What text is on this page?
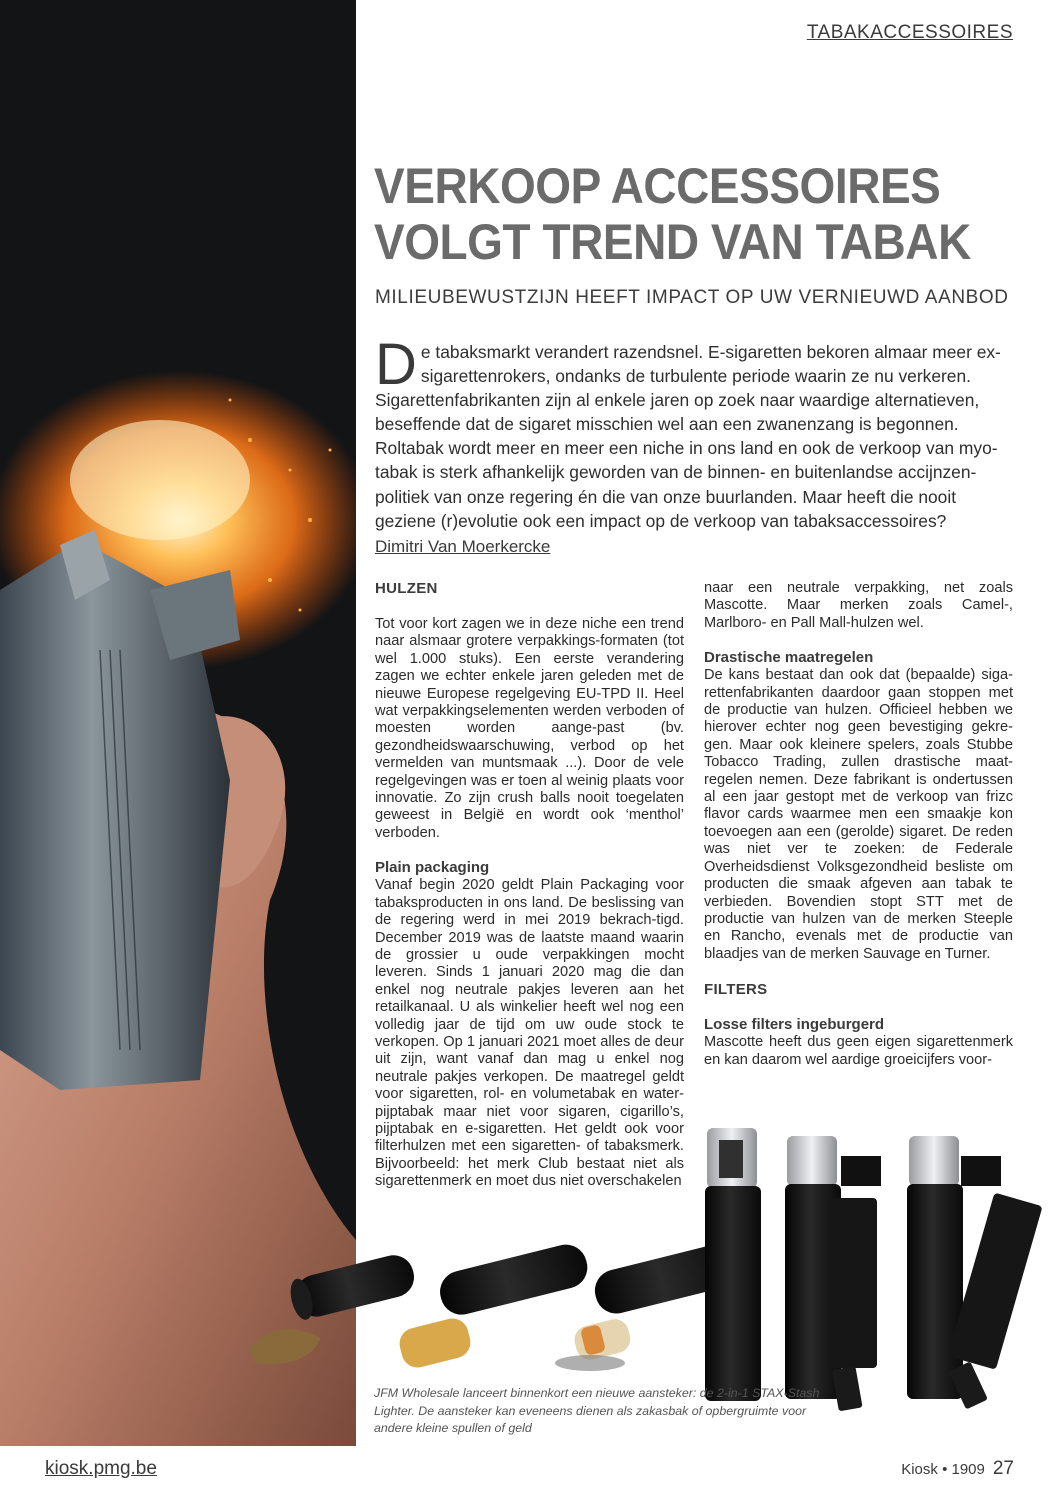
TABAKACCESSOIRES
VERKOOP ACCESSOIRES
VOLGT TREND VAN TABAK
MILIEUBEWUSTZIJN HEEFT IMPACT OP UW VERNIEUWD AANBOD
D e tabaksmarkt verandert razendsnel. E-sigaretten bekoren almaar meer ex-sigarettenrokers, ondanks de turbulente periode waarin ze nu verkeren. Sigarettenfabrikanten zijn al enkele jaren op zoek naar waardige alternatieven, beseffende dat de sigaret misschien wel aan een zwanenzang is begonnen. Roltabak wordt meer en meer een niche in ons land en ook de verkoop van myo-tabak is sterk afhankelijk geworden van de binnen- en buitenlandse accijnzen-politiek van onze regering én die van onze buurlanden. Maar heeft die nooit geziene (r)evolutie ook een impact op de verkoop van tabaksaccessoires?
Dimitri Van Moerkercke
HULZEN

Tot voor kort zagen we in deze niche een trend naar alsmaar grotere verpakkings-formaten (tot wel 1.000 stuks). Een eerste verandering zagen we echter enkele jaren geleden met de nieuwe Europese regelgeving EU-TPD II. Heel wat verpakkingselementen werden verboden of moesten worden aange-past (bv. gezondheidswaarschuwing, verbod op het vermelden van muntsmaak ...). Door de vele regelgevingen was er toen al weinig plaats voor innovatie. Zo zijn crush balls nooit toegelaten geweest in België en wordt ook ‘menthol’ verboden.

Plain packaging

Vanaf begin 2020 geldt Plain Packaging voor tabaksproducten in ons land. De beslissing van de regering werd in mei 2019 bekrach-tigd. December 2019 was de laatste maand waarin de grossier u oude verpakkingen mocht leveren. Sinds 1 januari 2020 mag die dan enkel nog neutrale pakjes leveren aan het retailkanaal. U als winkelier heeft wel nog een volledig jaar de tijd om uw oude stock te verkopen. Op 1 januari 2021 moet alles de deur uit zijn, want vanaf dan mag u enkel nog neutrale pakjes verkopen. De maatregel geldt voor sigaretten, rol- en volumetabak en water-pijptabak maar niet voor sigaren, cigarillo’s, pijptabak en e-sigaretten. Het geldt ook voor filterhulzen met een sigaretten- of tabaksmerk. Bijvoorbeeld: het merk Club bestaat niet als sigarettenmerk en moet dus niet overschakelen

naar een neutrale verpakking, net zoals Mascotte. Maar merken zoals Camel-, Marlboro- en Pall Mall-hulzen wel.

Drastische maatregelen

De kans bestaat dan ook dat (bepaalde) siga-rettenfabrikanten daardoor gaan stoppen met de productie van hulzen. Officieel hebben we hierover echter nog geen bevestiging gekre-gen. Maar ook kleinere spelers, zoals Stubbe Tobacco Trading, zullen drastische maat-regelen nemen. Deze fabrikant is ondertussen al een jaar gestopt met de verkoop van frizc flavor cards waarmee men een smaakje kon toevoegen aan een (gerolde) sigaret. De reden was niet ver te zoeken: de Federale Overheidsdienst Volksgezondheid besliste om producten die smaak afgeven aan tabak te verbieden. Bovendien stopt STT met de productie van hulzen van de merken Steeple en Rancho, evenals met de productie van blaadjes van de merken Sauvage en Turner.

FILTERS
Losse filters ingeburgerd

Mascotte heeft dus geen eigen sigarettenmerk en kan daarom wel aardige groeicijfers voor-

JFM Wholesale lanceert binnenkort een nieuwe aansteker: de 2-in-1 STAX-Stash Lighter. De aansteker kan eveneens dienen als zakasbak of opbergruimte voor andere kleine spullen of geld
kiosk.pmg.be	Kiosk • 1909 27
